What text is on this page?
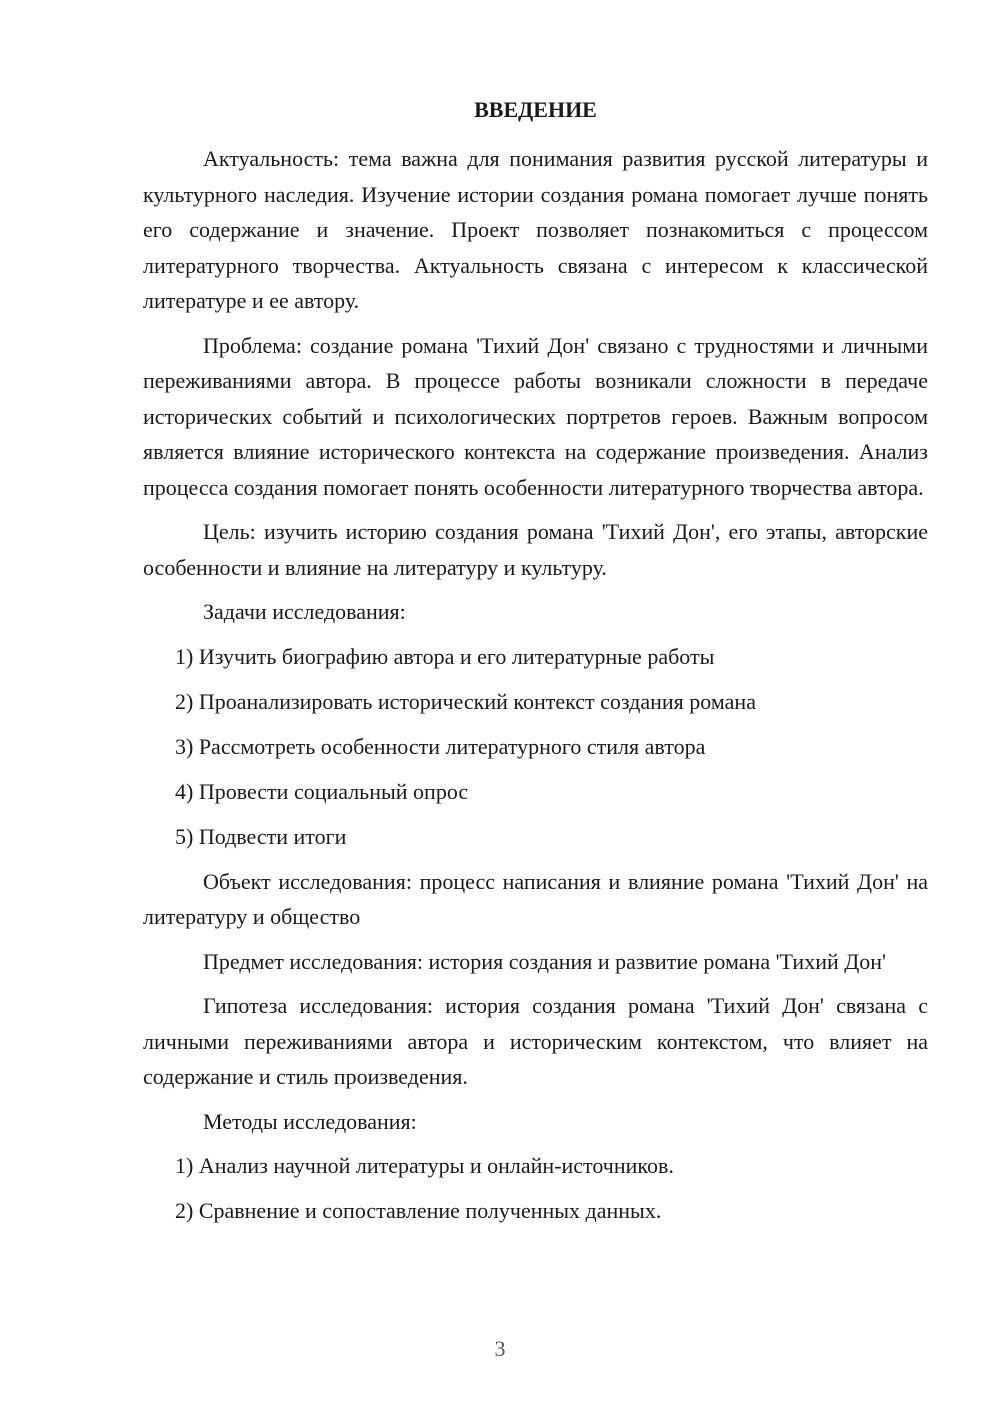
ВВЕДЕНИЕ

Актуальность: тема важна для понимания развития русской литературы и культурного наследия. Изучение истории создания романа помогает лучше понять его содержание и значение. Проект позволяет познакомиться с процессом литературного творчества. Актуальность связана с интересом к классической литературе и ее автору.

Проблема: создание романа 'Тихий Дон' связано с трудностями и личными переживаниями автора. В процессе работы возникали сложности в передаче исторических событий и психологических портретов героев. Важным вопросом является влияние исторического контекста на содержание произведения. Анализ процесса создания помогает понять особенности литературного творчества автора.

Цель: изучить историю создания романа 'Тихий Дон', его этапы, авторские особенности и влияние на литературу и культуру.

Задачи исследования:

1) Изучить биографию автора и его литературные работы
2) Проанализировать исторический контекст создания романа
3) Рассмотреть особенности литературного стиля автора
4) Провести социальный опрос
5) Подвести итоги

Объект исследования: процесс написания и влияние романа 'Тихий Дон' на литературу и общество

Предмет исследования: история создания и развитие романа 'Тихий Дон'

Гипотеза исследования: история создания романа 'Тихий Дон' связана с личными переживаниями автора и историческим контекстом, что влияет на содержание и стиль произведения.

Методы исследования:

1) Анализ научной литературы и онлайн-источников.
2) Сравнение и сопоставление полученных данных.
3
